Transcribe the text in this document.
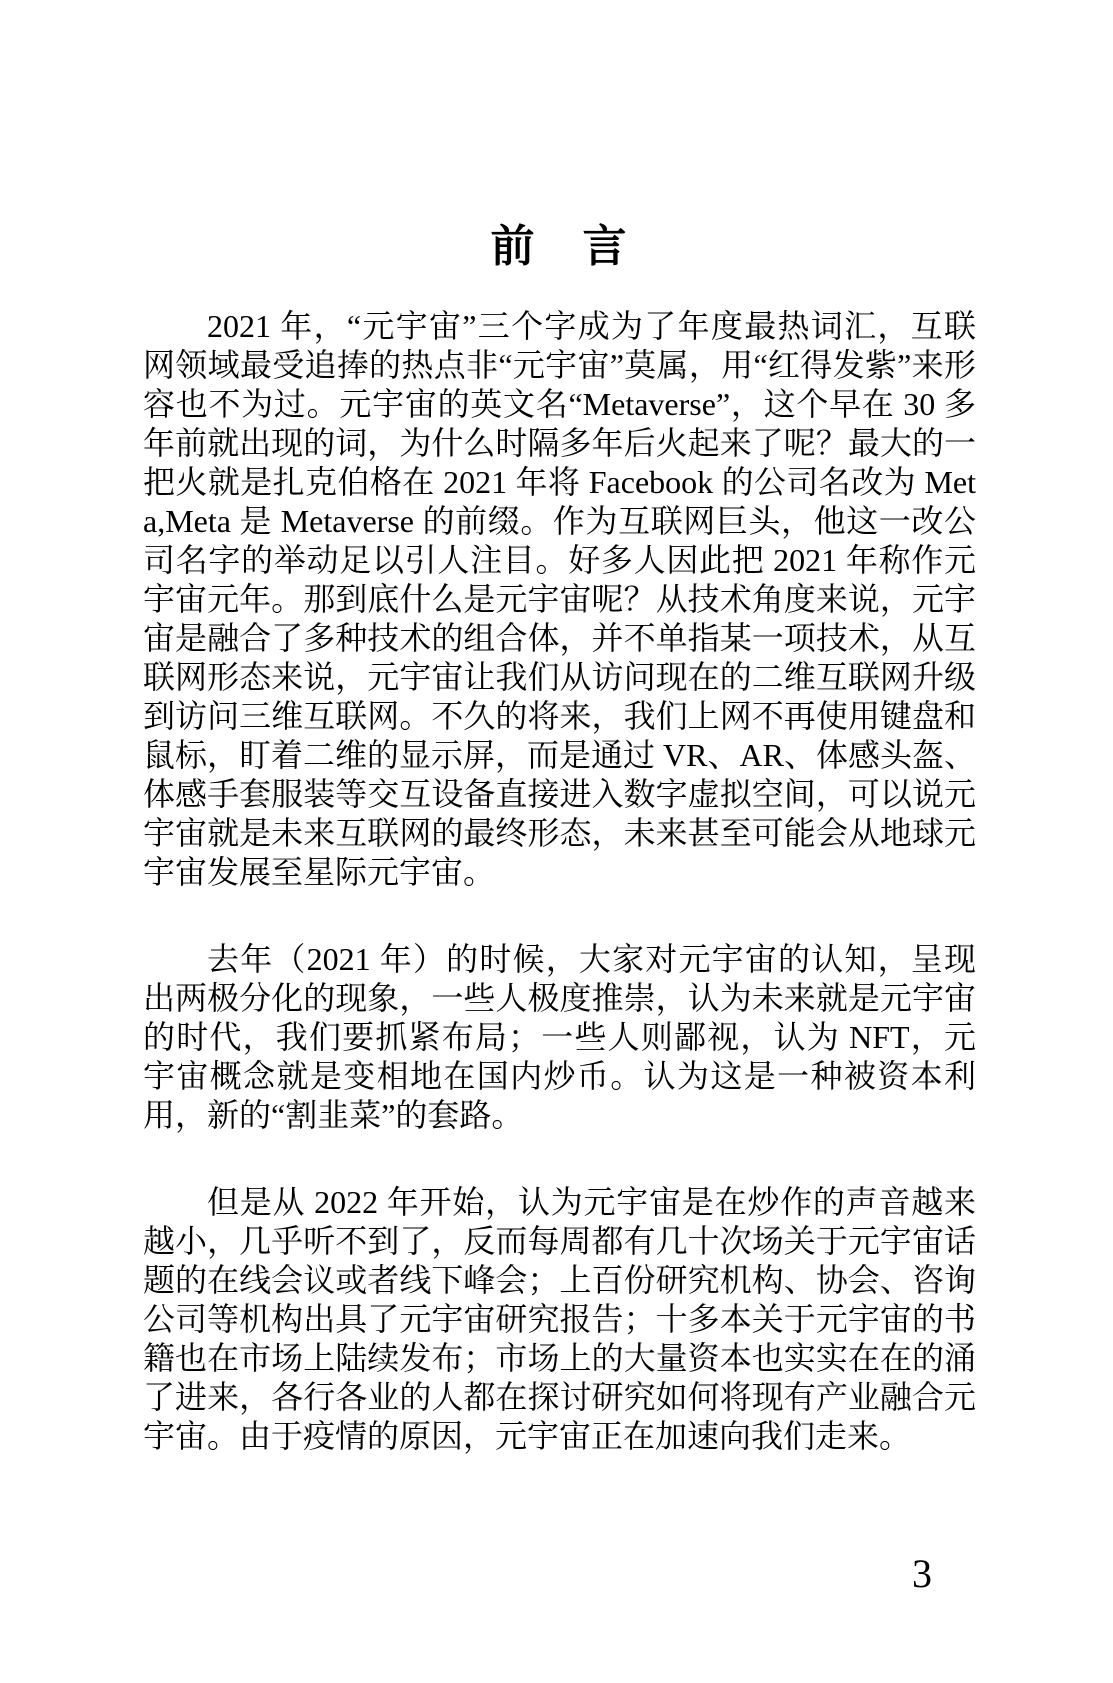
前　言

2021 年，“元宇宙”三个字成为了年度最热词汇，互联网领域最受追捧的热点非“元宇宙”莫属，用“红得发紫”来形容也不为过。元宇宙的英文名“Metaverse”，这个早在 30 多年前就出现的词，为什么时隔多年后火起来了呢？最大的一把火就是扎克伯格在 2021 年将 Facebook 的公司名改为 Meta,Meta 是 Metaverse 的前缀。作为互联网巨头，他这一改公司名字的举动足以引人注目。好多人因此把 2021 年称作元宇宙元年。那到底什么是元宇宙呢？从技术角度来说，元宇宙是融合了多种技术的组合体，并不单指某一项技术，从互联网形态来说，元宇宙让我们从访问现在的二维互联网升级到访问三维互联网。不久的将来，我们上网不再使用键盘和鼠标，盯着二维的显示屏，而是通过 VR、AR、体感头盔、体感手套服装等交互设备直接进入数字虚拟空间，可以说元宇宙就是未来互联网的最终形态，未来甚至可能会从地球元宇宙发展至星际元宇宙。

去年（2021 年）的时候，大家对元宇宙的认知，呈现出两极分化的现象，一些人极度推崇，认为未来就是元宇宙的时代，我们要抓紧布局；一些人则鄙视，认为 NFT，元宇宙概念就是变相地在国内炒币。认为这是一种被资本利用，新的“割韭菜”的套路。

但是从 2022 年开始，认为元宇宙是在炒作的声音越来越小，几乎听不到了，反而每周都有几十次场关于元宇宙话题的在线会议或者线下峰会；上百份研究机构、协会、咨询公司等机构出具了元宇宙研究报告；十多本关于元宇宙的书籍也在市场上陆续发布；市场上的大量资本也实实在在的涌了进来，各行各业的人都在探讨研究如何将现有产业融合元宇宙。由于疫情的原因，元宇宙正在加速向我们走来。

3
